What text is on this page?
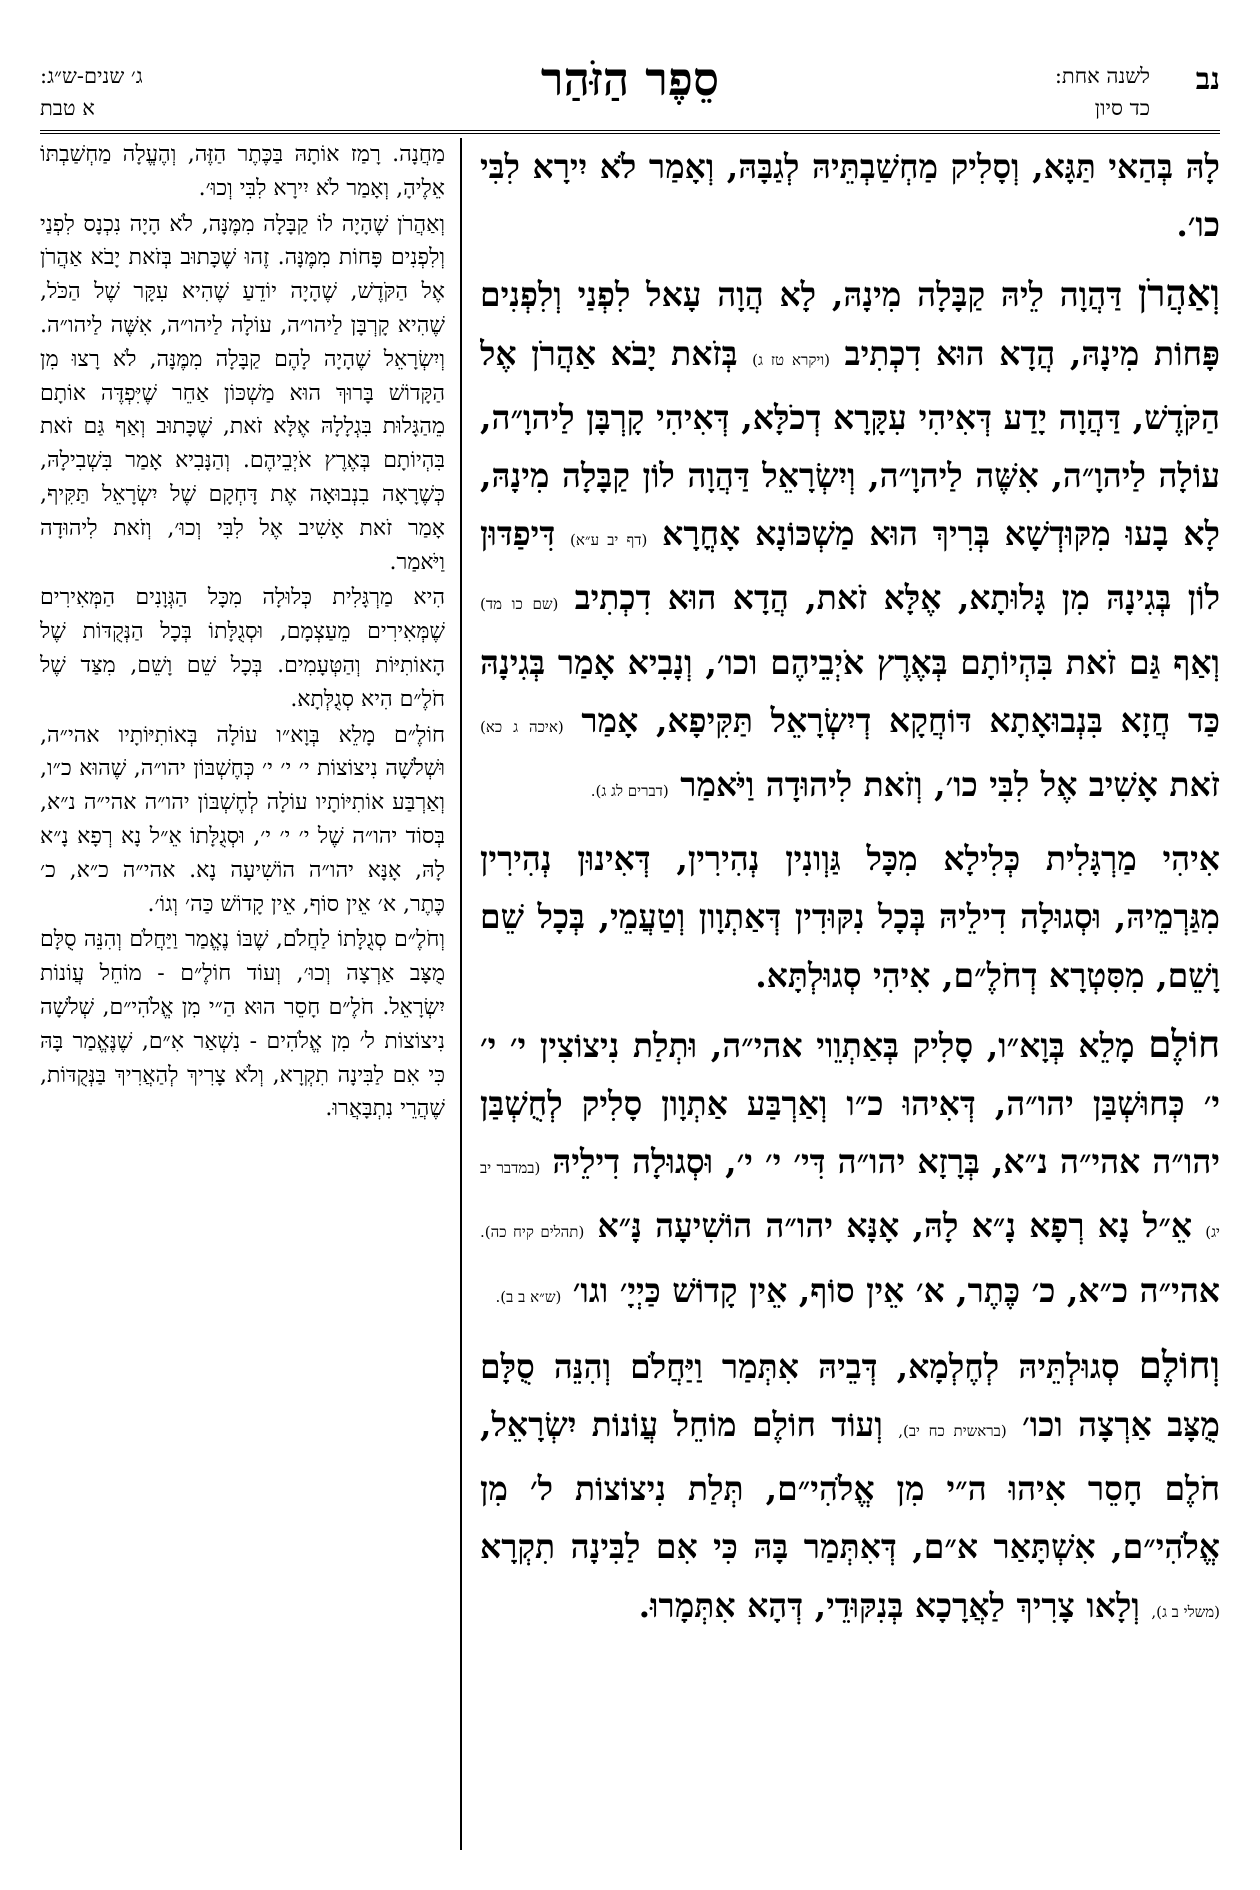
נב
לשנה אחת:
כד סיון
סֵפֶר הַזֹּהַר
ג׳ שנים-ש״ג:
א טבת

לָהּ בְּהַאי תַּגָּא, וְסָלִיק מַחְשַׁבְתֵּיהּ לְגַבָּהּ, וְאָמַר לֹא יִירָא לִבִּי כו׳.

וְאַהֲרֹן דַּהֲוָה לֵיהּ קַבָּלָה מִינָהּ, לָא הֲוָה עָאל לִפְנַי וְלִפְנִים פָּחוֹת מִינָהּ, הֲדָא הוּא דִכְתִיב (ויקרא טז ג) בְּזֹאת יָבֹא אַהֲרֹן אֶל הַקֹּדֶשׁ, דַּהֲוָה יָדַע דְּאִיהִי עִקָּרָא דְכֹלָּא, דְּאִיהִי קָרְבָּן לַיהוָ״ה, עוֹלָה לַיהוָ״ה, אִשֶּׁה לַיהוָ״ה, וְיִשְׂרָאֵל דַּהֲוָה לוֹן קַבָּלָה מִינָהּ, לָא בָעוּ מִקּוּדְשָׁא בְּרִיךְ הוּא מַשְׁכּוֹנָא אָחֳרָא (דף יב ע״א) דִּיפַדּוּן לוֹן בְּגִינָהּ מִן גָּלוּתָא, אֶלָּא זֹאת, הֲדָא הוּא דִכְתִיב (שם כו מד) וְאַף גַּם זֹאת בִּהְיוֹתָם בְּאֶרֶץ אֹיְבֵיהֶם וכו׳, וְנָבִיא אָמַר בְּגִינָהּ כַּד חֲזָא בִּנְבוּאָתָא דּוֹחֲקָא דְיִשְׂרָאֵל תַּקִּיפָא, אָמַר (איכה ג כא) זֹאת אָשִׁיב אֶל לִבִּי כו׳, וְזֹאת לִיהוּדָה וַיֹּאמַר (דברים לג ג).

אִיהִי מַרְגָּלִית כְּלִילָא מִכָּל גַּוְונִין נְהִירִין, דְּאִינוּן נְהִירִין מִגַּרְמֵיהּ, וּסְגוּלָה דִילֵיהּ בְּכָל נִקּוּדִין דְּאַתְוָון וְטַעֲמֵי, בְּכָל שֵׁם וָשֵׁם, מִסִּטְרָא דְחֹלֶ״ם, אִיהִי סְגוּלְתָּא.

חוֹלֶם מָלֵא בְּוָא״ו, סָלִיק בְּאַתְוֵוי אהי״ה, וּתְלַת נִיצוֹצִין י׳ י׳ י׳ כְּחוּשְׁבַּן יהו״ה, דְּאִיהוּ כ״ו וְאַרְבַּע אַתְוָון סָלִיק לְחֻשְׁבַּן יהו״ה אהי״ה נ״א, בְּרָזָא יהו״ה דִּי׳ י׳ י׳, וּסְגוּלָה דִילֵיהּ (במדבר יב יג) אֵ״ל נָא רְפָא נָ״א לָהּ, אָנָּא יהו״ה הוֹשִׁיעָה נָּ״א (תהלים קיח כה). אהי״ה כ״א, כ׳ כֶּתֶר, א׳ אֵין סוֹף, אֵין קָדוֹשׁ כַּיְיָ׳ וגו׳ (ש״א ב ב).

וְחוֹלֶם סְגוּלְתֵּיהּ לְחֶלְמָא, דְּבֵיהּ אִתְּמַר וַיַּחֲלֹם וְהִנֵּה סֻלָּם מֻצָּב אַרְצָה וכו׳ (בראשית כח יב), וְעוֹד חוֹלֶם מוֹחֵל עֲוֹנוֹת יִשְׂרָאֵל, חֹלֶם חָסֵר אִיהוּ ה״י מִן אֱלֹהִי״ם, תְּלַת נִיצוֹצוֹת ל׳ מִן אֱלֹהִי״ם, אִשְׁתָּאַר א״ם, דְּאִתְּמַר בָּהּ כִּי אִם לַבִּינָה תִקְרָא (משלי ב ג), וְלָאו צָרִיךְ לַאֲרָכָא בְּנִקּוּדֵי, דְּהָא אִתְּמָרוּ.

מַחֲנָה. רָמַז אוֹתָהּ בַּכֶּתֶר הַזֶּה, וְהֶעֱלָה מַחְשַׁבְתּוֹ אֵלֶיהָ, וְאָמַר לֹא יִירָא לִבִּי וְכוּ׳.

וְאַהֲרֹן שֶׁהָיָה לוֹ קַבָּלָה מִמֶּנָּה, לֹא הָיָה נִכְנָס לִפְנַי וְלִפְנִים פָּחוֹת מִמֶּנָּה. זֶהוּ שֶׁכָּתוּב בְּזֹאת יָבֹא אַהֲרֹן אֶל הַקֹּדֶשׁ, שֶׁהָיָה יוֹדֵעַ שֶׁהִיא עִקָּר שֶׁל הַכֹּל, שֶׁהִיא קָרְבָּן לַיהו״ה, עוֹלָה לַיהו״ה, אִשֶּׁה לַיהו״ה. וְיִשְׂרָאֵל שֶׁהָיָה לָהֶם קַבָּלָה מִמֶּנָּה, לֹא רָצוּ מִן הַקָּדוֹשׁ בָּרוּךְ הוּא מַשְׁכּוֹן אַחֵר שֶׁיִּפְדֶּה אוֹתָם מֵהַגָּלוּת בִּגְלָלָהּ אֶלָּא זֹאת, שֶׁכָּתוּב וְאַף גַּם זֹאת בִּהְיוֹתָם בְּאֶרֶץ אֹיְבֵיהֶם. וְהַנָּבִיא אָמַר בִּשְׁבִילָהּ, כְּשֶׁרָאָה בִנְבוּאָה אֶת דָּחְקָם שֶׁל יִשְׂרָאֵל תַּקִּיף, אָמַר זֹאת אָשִׁיב אֶל לִבִּי וְכוּ׳, וְזֹאת לִיהוּדָה וַיֹּאמַר.

הִיא מַרְגָּלִית כְּלוּלָה מִכָּל הַגְּוָנִים הַמְּאִירִים שֶׁמְּאִירִים מֵעַצְמָם, וּסְגֻלָּתוֹ בְּכָל הַנְּקֻדּוֹת שֶׁל הָאוֹתִיּוֹת וְהַטְּעָמִים. בְּכָל שֵׁם וָשֵׁם, מִצַּד שֶׁל חֹלֶ״ם הִיא סְגֻלְּתָא.

חוֹלֶ״ם מָלֵא בְּוָא״ו עוֹלָה בְּאוֹתִיּוֹתָיו אהי״ה, וּשְׁלֹשָׁה נִיצוֹצוֹת י׳ י׳ י׳ כְּחֶשְׁבּוֹן יהו״ה, שֶׁהוּא כ״ו, וְאַרְבַּע אוֹתִיּוֹתָיו עוֹלָה לְחֶשְׁבּוֹן יהו״ה אהי״ה נ״א, בְּסוֹד יהו״ה שֶׁל י׳ י׳ י׳, וּסְגֻלָּתוֹ אֵ״ל נָא רְפָא נָ״א לָהּ, אָנָּא יהו״ה הוֹשִׁיעָה נָא. אהי״ה כ״א, כ׳ כֶּתֶר, א׳ אֵין סוֹף, אֵין קָדוֹשׁ כַּה׳ וְגוֹ׳.

וְחֹלֶ״ם סְגֻלָּתוֹ לַחֲלֹם, שֶׁבּוֹ נֶאֱמַר וַיַּחֲלֹם וְהִנֵּה סֻלָּם מֻצָּב אַרְצָה וְכוּ׳, וְעוֹד חוֹלֶ״ם - מוֹחֵל עֲוֹנוֹת יִשְׂרָאֵל. חֹלֶ״ם חָסֵר הוּא הַ״י מִן אֱלֹהִי״ם, שְׁלֹשָׁה נִיצוֹצוֹת ל׳ מִן אֱלֹהִים - נִשְׁאַר אִ״ם, שֶׁנֶּאֱמַר בָּהּ כִּי אִם לַבִּינָה תִקְרָא, וְלֹא צָרִיךְ לְהַאֲרִיךְ בַּנְּקֻדּוֹת, שֶׁהֲרֵי נִתְבָּאֲרוּ.
